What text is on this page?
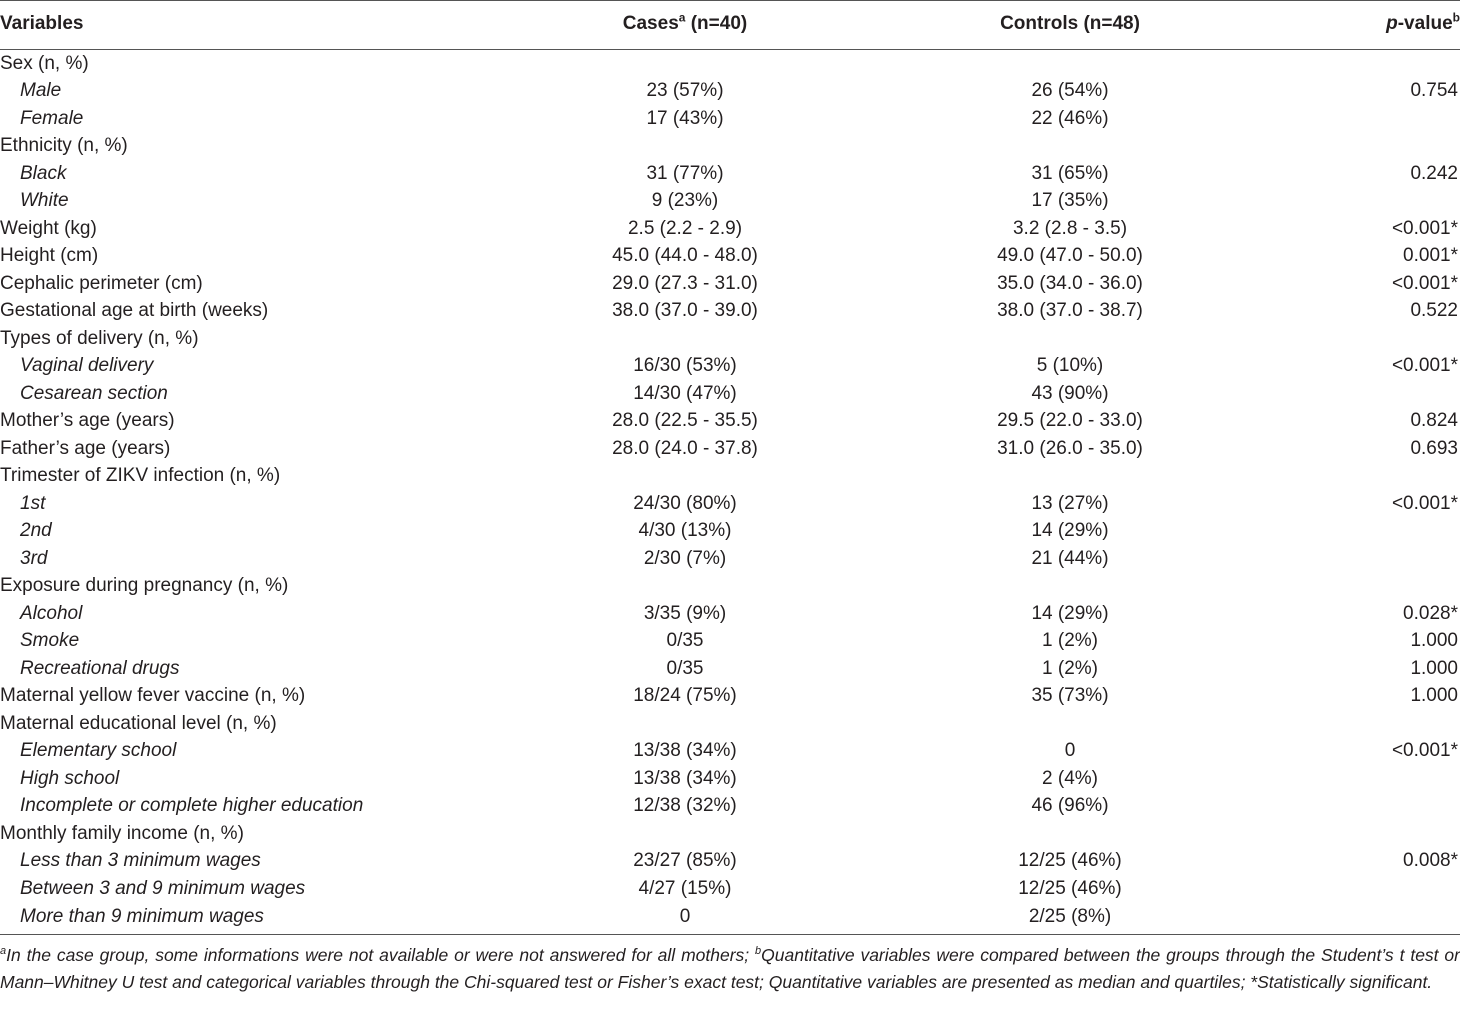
Variables	Cases$^a$ (n=40)	Controls (n=48)	p-value$^b$
Sex (n, %)			
Male	23 (57%)	26 (54%)	0.754
Female	17 (43%)	22 (46%)	
Ethnicity (n, %)			
Black	31 (77%)	31 (65%)	0.242
White	9 (23%)	17 (35%)	
Weight (kg)	2.5 (2.2 - 2.9)	3.2 (2.8 - 3.5)	<0.001*
Height (cm)	45.0 (44.0 - 48.0)	49.0 (47.0 - 50.0)	0.001*
Cephalic perimeter (cm)	29.0 (27.3 - 31.0)	35.0 (34.0 - 36.0)	<0.001*
Gestational age at birth (weeks)	38.0 (37.0 - 39.0)	38.0 (37.0 - 38.7)	0.522
Types of delivery (n, %)			
Vaginal delivery	16/30 (53%)	5 (10%)	<0.001*
Cesarean section	14/30 (47%)	43 (90%)	
Mother’s age (years)	28.0 (22.5 - 35.5)	29.5 (22.0 - 33.0)	0.824
Father’s age (years)	28.0 (24.0 - 37.8)	31.0 (26.0 - 35.0)	0.693
Trimester of ZIKV infection (n, %)			
1st	24/30 (80%)	13 (27%)	<0.001*
2nd	4/30 (13%)	14 (29%)	
3rd	2/30 (7%)	21 (44%)	
Exposure during pregnancy (n, %)			
Alcohol	3/35 (9%)	14 (29%)	0.028*
Smoke	0/35	1 (2%)	1.000
Recreational drugs	0/35	1 (2%)	1.000
Maternal yellow fever vaccine (n, %)	18/24 (75%)	35 (73%)	1.000
Maternal educational level (n, %)			
Elementary school	13/38 (34%)	0	<0.001*
High school	13/38 (34%)	2 (4%)	
Incomplete or complete higher education	12/38 (32%)	46 (96%)	
Monthly family income (n, %)			
Less than 3 minimum wages	23/27 (85%)	12/25 (46%)	0.008*
Between 3 and 9 minimum wages	4/27 (15%)	12/25 (46%)	
More than 9 minimum wages	0	2/25 (8%)	
$^a$In the case group, some informations were not available or were not answered for all mothers; $^b$Quantitative variables were compared between the groups through the Student’s t test or Mann–Whitney U test and categorical variables through the Chi-squared test or Fisher’s exact test; Quantitative variables are presented as median and quartiles; *Statistically significant.
